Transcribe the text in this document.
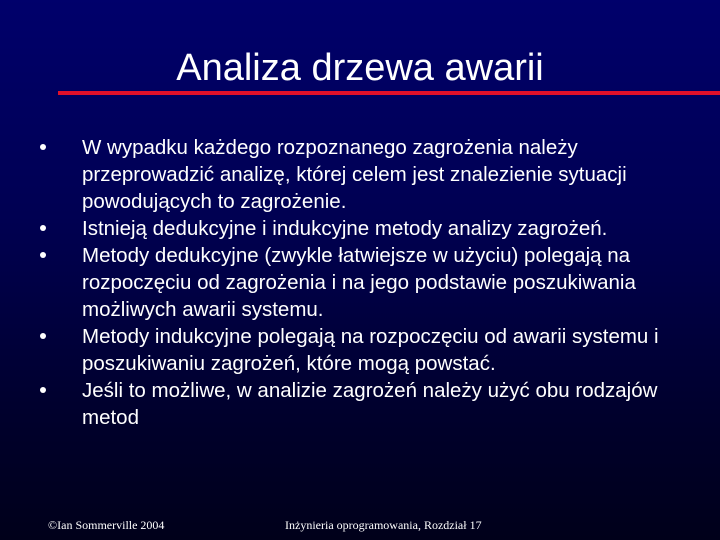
Analiza drzewa awarii
W wypadku każdego rozpoznanego zagrożenia należy przeprowadzić analizę, której celem jest znalezienie sytuacji powodujących to zagrożenie.
Istnieją dedukcyjne i indukcyjne metody analizy zagrożeń.
Metody dedukcyjne (zwykle łatwiejsze w użyciu) polegają na rozpoczęciu od zagrożenia i na jego podstawie poszukiwania możliwych awarii systemu.
Metody indukcyjne polegają na rozpoczęciu od awarii systemu i poszukiwaniu zagrożeń, które mogą powstać.
Jeśli to możliwe, w analizie zagrożeń należy użyć obu rodzajów metod
©Ian Sommerville 2004	Inżynieria oprogramowania, Rozdział 17
